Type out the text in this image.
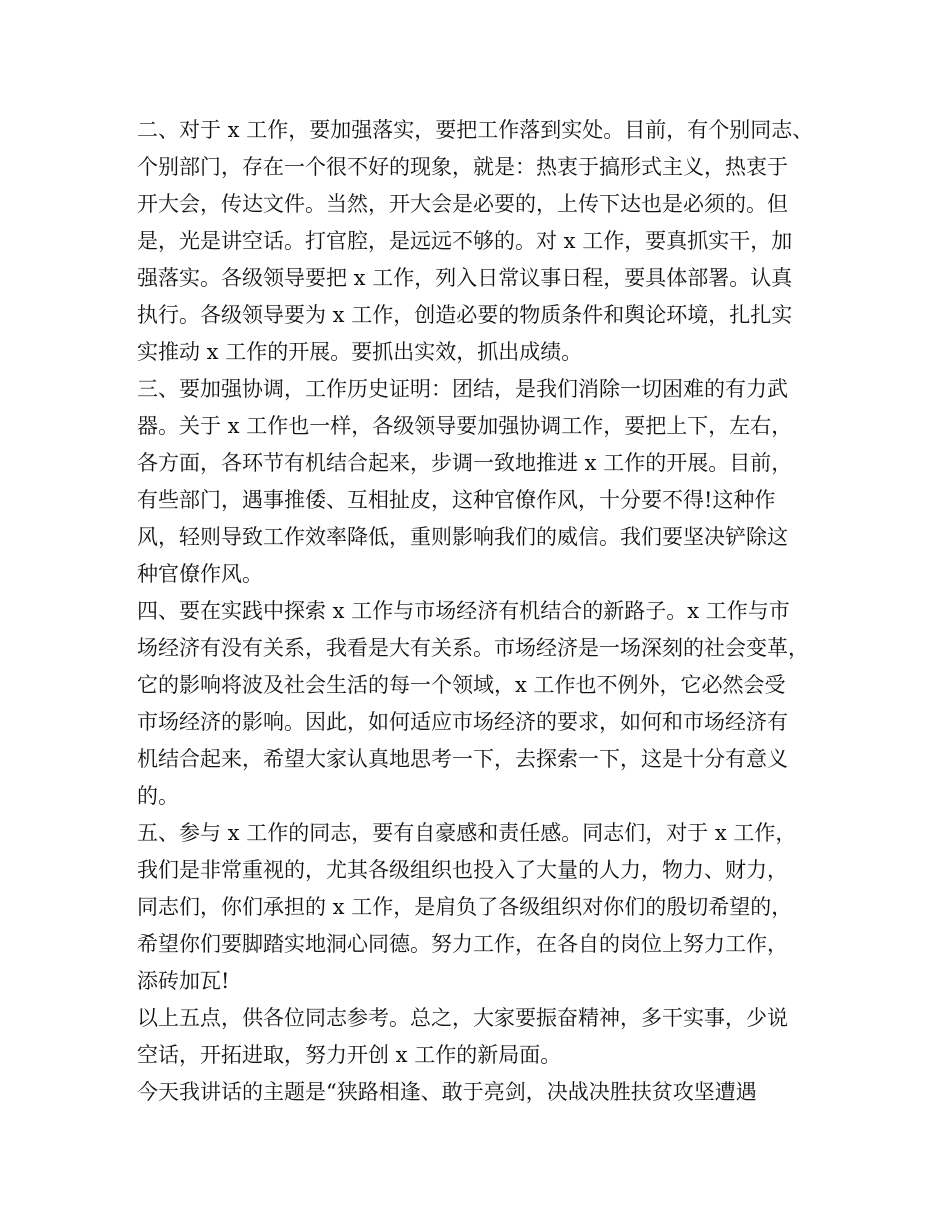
二、对于 x 工作，要加强落实，要把工作落到实处。目前，有个别同志、
个别部门，存在一个很不好的现象，就是：热衷于搞形式主义，热衷于
开大会，传达文件。当然，开大会是必要的，上传下达也是必须的。但
是，光是讲空话。打官腔，是远远不够的。对 x 工作，要真抓实干，加
强落实。各级领导要把 x 工作，列入日常议事日程，要具体部署。认真
执行。各级领导要为 x 工作，创造必要的物质条件和舆论环境，扎扎实
实推动 x 工作的开展。要抓出实效，抓出成绩。
三、要加强协调，工作历史证明：团结，是我们消除一切困难的有力武
器。关于 x 工作也一样，各级领导要加强协调工作，要把上下，左右，
各方面，各环节有机结合起来，步调一致地推进 x 工作的开展。目前，
有些部门，遇事推倭、互相扯皮，这种官僚作风，十分要不得!这种作
风，轻则导致工作效率降低，重则影响我们的威信。我们要坚决铲除这
种官僚作风。
四、要在实践中探索 x 工作与市场经济有机结合的新路子。x 工作与市
场经济有没有关系，我看是大有关系。市场经济是一场深刻的社会变革，
它的影响将波及社会生活的每一个领域，x 工作也不例外，它必然会受
市场经济的影响。因此，如何适应市场经济的要求，如何和市场经济有
机结合起来，希望大家认真地思考一下，去探索一下，这是十分有意义
的。
五、参与 x 工作的同志，要有自豪感和责任感。同志们，对于 x 工作，
我们是非常重视的，尤其各级组织也投入了大量的人力，物力、财力，
同志们，你们承担的 x 工作，是肩负了各级组织对你们的殷切希望的，
希望你们要脚踏实地洞心同德。努力工作，在各自的岗位上努力工作，
添砖加瓦!
以上五点，供各位同志参考。总之，大家要振奋精神，多干实事，少说
空话，开拓进取，努力开创 x 工作的新局面。
今天我讲话的主题是“狭路相逢、敢于亮剑，决战决胜扶贫攻坚遭遇
